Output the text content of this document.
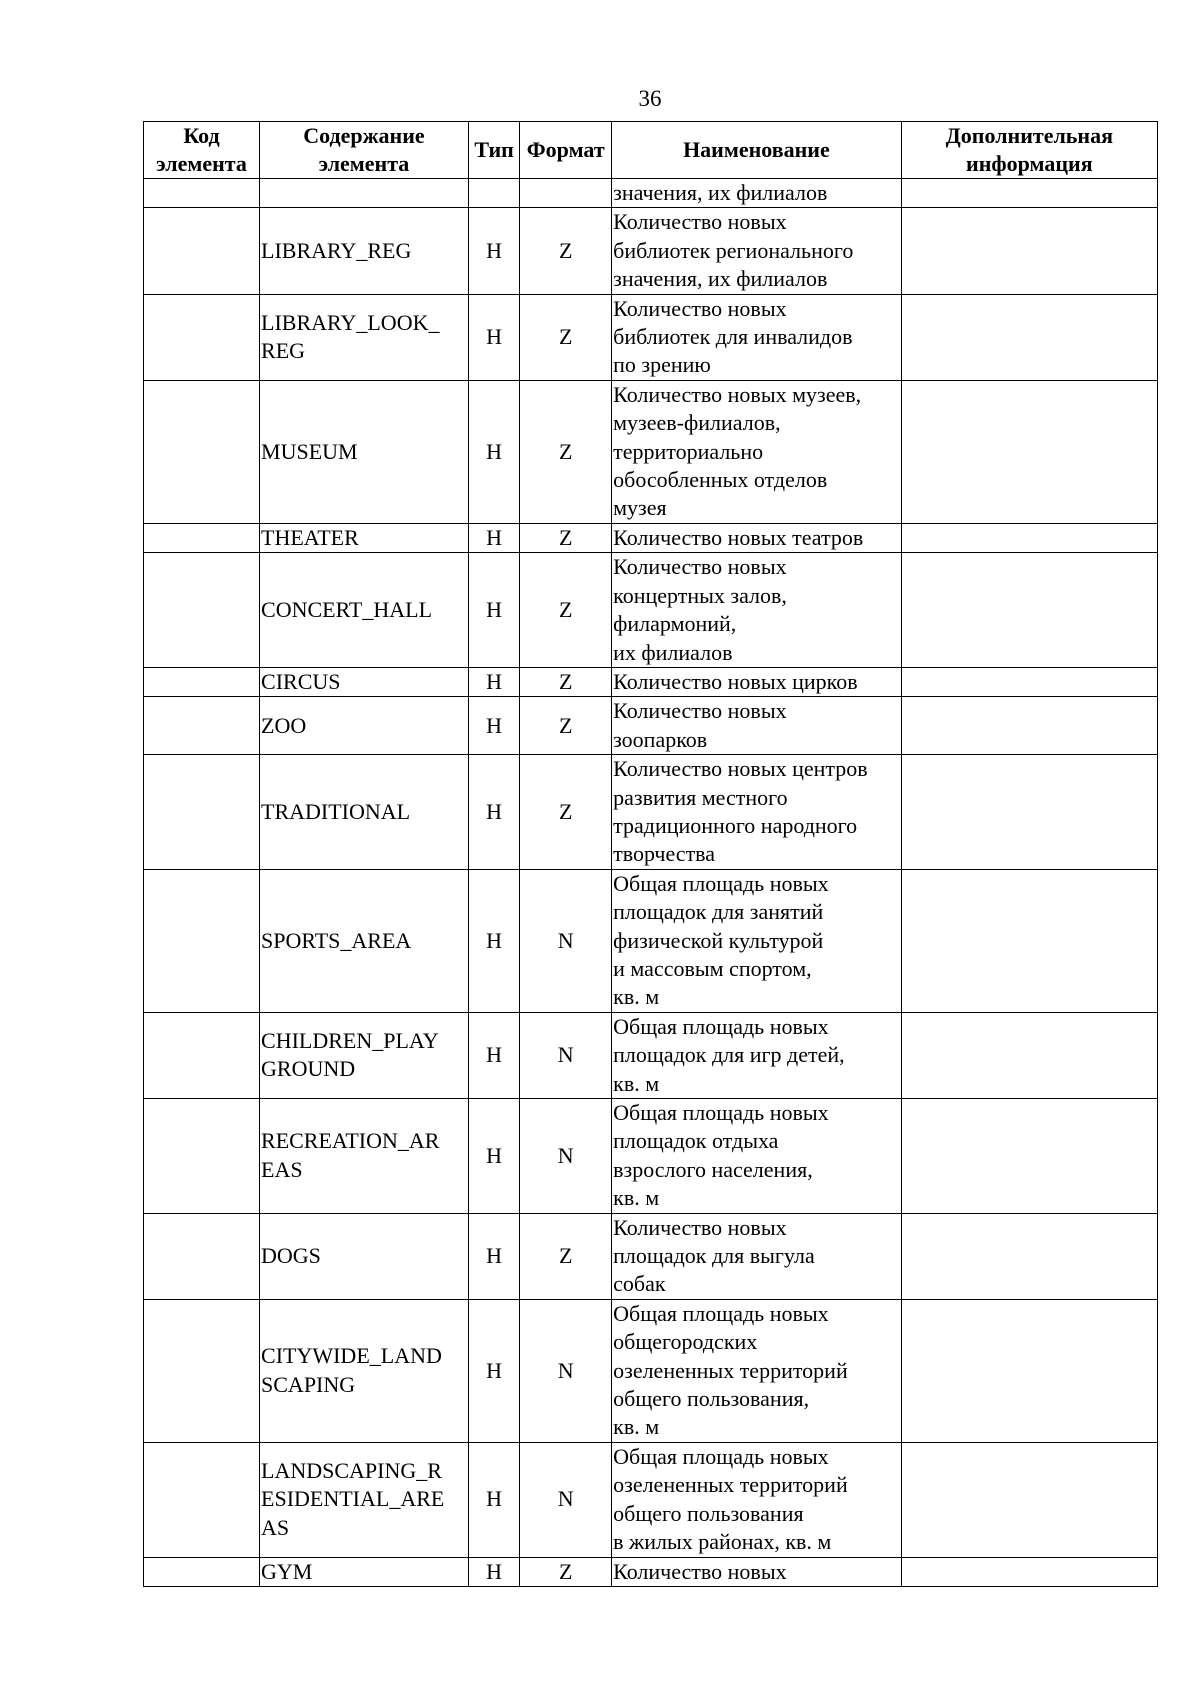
36
Код
элемента	Содержание
элемента	Тип	Формат	Наименование	Дополнительная
информация

				значения, их филиалов	

	LIBRARY_REG	Н	Z	Количество новых
библиотек регионального
значения, их филиалов	

	LIBRARY_LOOK_
REG	Н	Z	Количество новых
библиотек для инвалидов
по зрению	

	MUSEUM	Н	Z	Количество новых музеев,
музеев-филиалов,
территориально
обособленных отделов
музея	

	THEATER	Н	Z	Количество новых театров	

	CONCERT_HALL	Н	Z	Количество новых
концертных залов,
филармоний,
их филиалов	

	CIRCUS	Н	Z	Количество новых цирков	

	ZOO	Н	Z	Количество новых
зоопарков	

	TRADITIONAL	Н	Z	Количество новых центров
развития местного
традиционного народного
творчества	

	SPORTS_AREA	Н	N	Общая площадь новых
площадок для занятий
физической культурой
и массовым спортом,
кв. м	

	CHILDREN_PLAY
GROUND	Н	N	Общая площадь новых
площадок для игр детей,
кв. м	

	RECREATION_AR
EAS	Н	N	Общая площадь новых
площадок отдыха
взрослого населения,
кв. м	

	DOGS	Н	Z	Количество новых
площадок для выгула
собак	

	CITYWIDE_LAND
SCAPING	Н	N	Общая площадь новых
общегородских
озелененных территорий
общего пользования,
кв. м	

	LANDSCAPING_R
ESIDENTIAL_ARE
AS	Н	N	Общая площадь новых
озелененных территорий
общего пользования
в жилых районах, кв. м	

	GYM	Н	Z	Количество новых	
